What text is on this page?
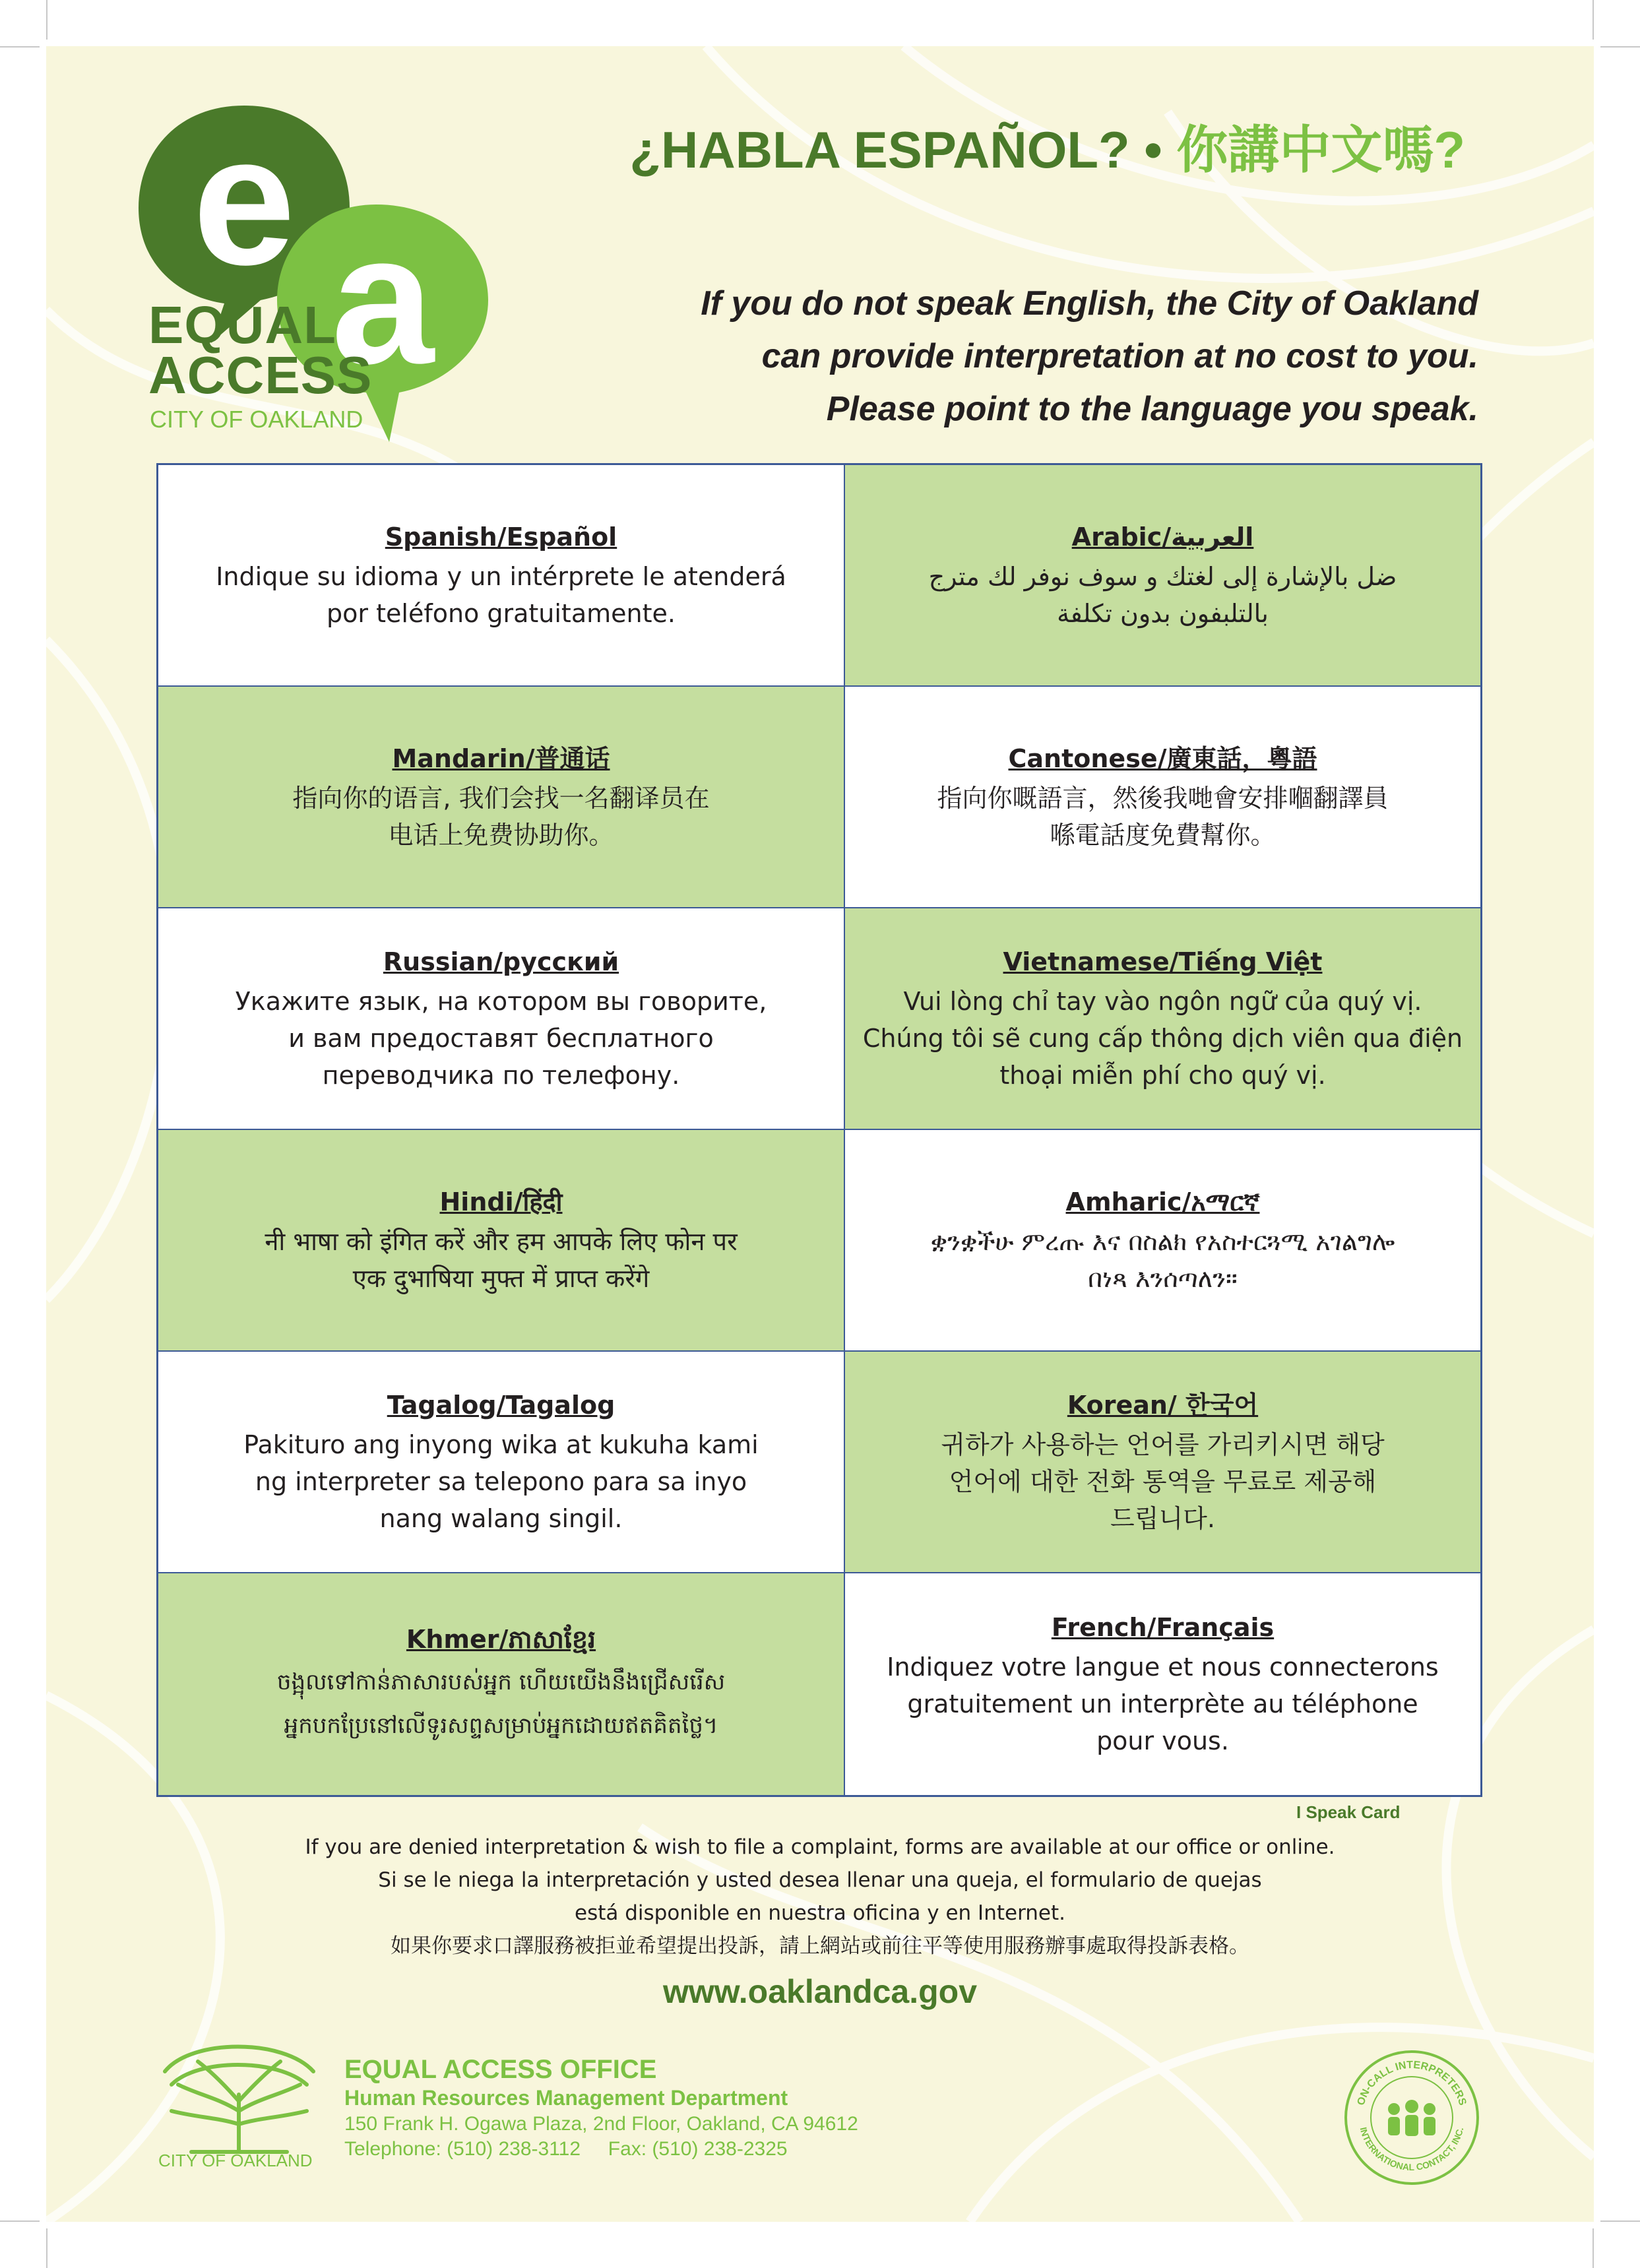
e a
EQUAL
ACCESS
CITY OF OAKLAND
¿HABLA ESPAÑOL? • 你講中文嗎?
If you do not speak English, the City of Oakland
can provide interpretation at no cost to you.
Please point to the language you speak.
Spanish/Español
Indique su idioma y un intérprete le atenderá
por teléfono gratuitamente.
Arabic/العربية
ضل بالإشارة إلى لغتك و سوف نوفر لك مترج
بالتلبفون بدون تكلفة
Mandarin/普通话
指向你的语言, 我们会找一名翻译员在
电话上免费协助你。
Cantonese/廣東話，粵語
指向你嘅語言，然後我哋會安排嗰翻譯員
喺電話度免費幫你。
Russian/русский
Укажите язык, на котором вы говорите,
и вам предоставят бесплатного
переводчика по телефону.
Vietnamese/Tiếng Việt
Vui lòng chỉ tay vào ngôn ngữ của quý vị.
Chúng tôi sẽ cung cấp thông dịch viên qua điện
thoại miễn phí cho quý vị.
Hindi/हिंदी
नी भाषा को इंगित करें और हम आपके लिए फोन पर
एक दुभाषिया मुफ्त में प्राप्त करेंगे
Amharic/አማርኛ
ቋንቋችሁ ምረጡ እና በስልክ የአስተርጓሚ አገልግሎ
በነጻ እንሰጣለን።
Tagalog/Tagalog
Pakituro ang inyong wika at kukuha kami
ng interpreter sa telepono para sa inyo
nang walang singil.
Korean/ 한국어
귀하가 사용하는 언어를 가리키시면 해당
언어에 대한 전화 통역을 무료로 제공해
드립니다.
Khmer/ភាសាខ្មែរ
ចង្អុលទៅកាន់ភាសារបស់អ្នក ហើយយើងនឹងជ្រើសរើស
អ្នកបកប្រែនៅលើទូរសព្ទសម្រាប់អ្នកដោយឥតគិតថ្លៃ។
French/Français
Indiquez votre langue et nous connecterons
gratuitement un interprète au téléphone
pour vous.
I Speak Card
If you are denied interpretation & wish to file a complaint, forms are available at our office or online.
Si se le niega la interpretación y usted desea llenar una queja, el formulario de quejas
está disponible en nuestra oficina y en Internet.
如果你要求口譯服務被拒並希望提出投訴，請上網站或前往平等使用服務辦事處取得投訴表格。
www.oaklandca.gov
CITY OF OAKLAND
EQUAL ACCESS OFFICE
Human Resources Management Department
150 Frank H. Ogawa Plaza, 2nd Floor, Oakland, CA 94612
Telephone: (510) 238-3112 Fax: (510) 238-2325
ON-CALL INTERPRETERS
INTERNATIONAL CONTACT, INC.
